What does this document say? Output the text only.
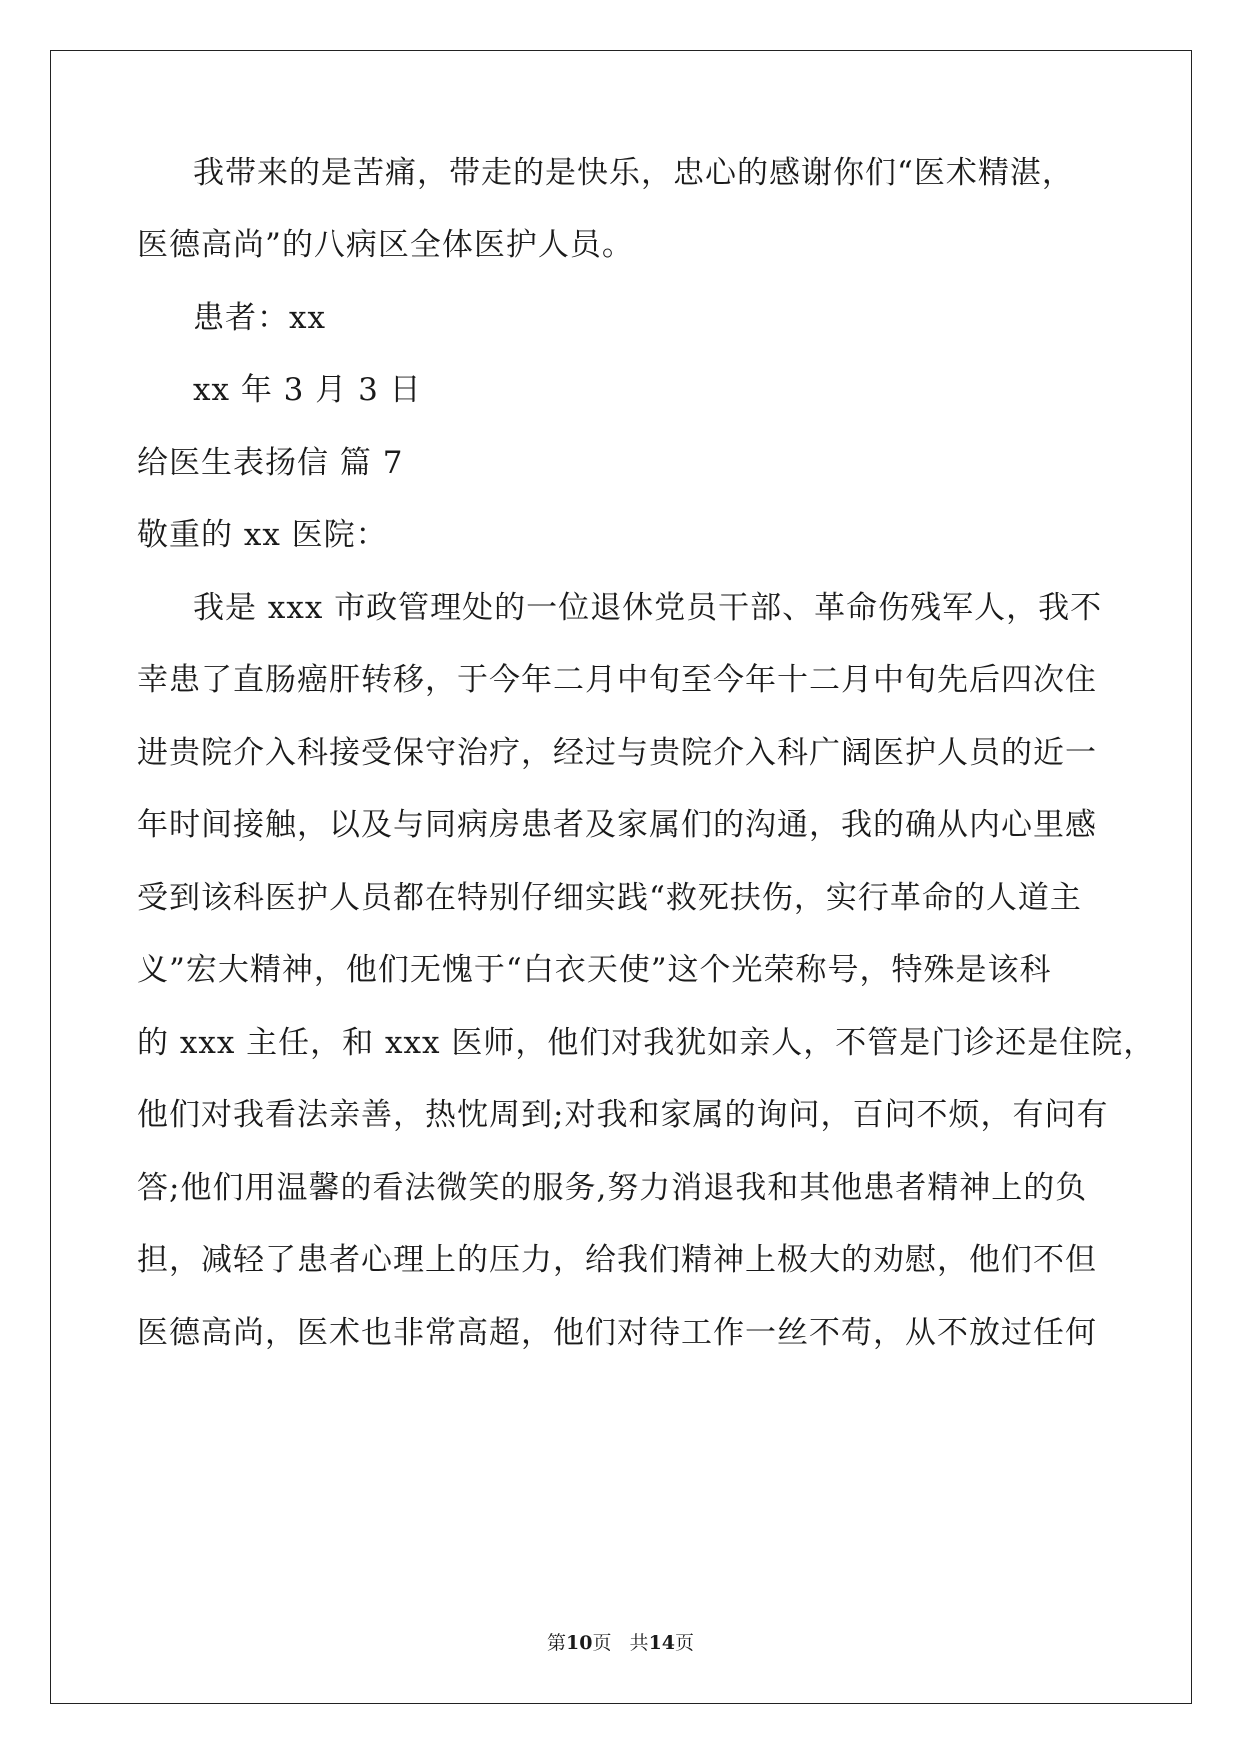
我带来的是苦痛，带走的是快乐，忠心的感谢你们“医术精湛，
医德高尚”的八病区全体医护人员。
患者：xx
xx 年 3 月 3 日
给医生表扬信 篇 7
敬重的 xx 医院：
我是 xxx 市政管理处的一位退休党员干部、革命伤残军人，我不
幸患了直肠癌肝转移，于今年二月中旬至今年十二月中旬先后四次住
进贵院介入科接受保守治疗，经过与贵院介入科广阔医护人员的近一
年时间接触，以及与同病房患者及家属们的沟通，我的确从内心里感
受到该科医护人员都在特别仔细实践“救死扶伤，实行革命的人道主
义”宏大精神，他们无愧于“白衣天使”这个光荣称号，特殊是该科
的 xxx 主任，和 xxx 医师，他们对我犹如亲人，不管是门诊还是住院，
他们对我看法亲善，热忱周到;对我和家属的询问，百问不烦，有问有
答;他们用温馨的看法微笑的服务,努力消退我和其他患者精神上的负
担，减轻了患者心理上的压力，给我们精神上极大的劝慰，他们不但
医德高尚，医术也非常高超，他们对待工作一丝不苟，从不放过任何
第10页   共14页
